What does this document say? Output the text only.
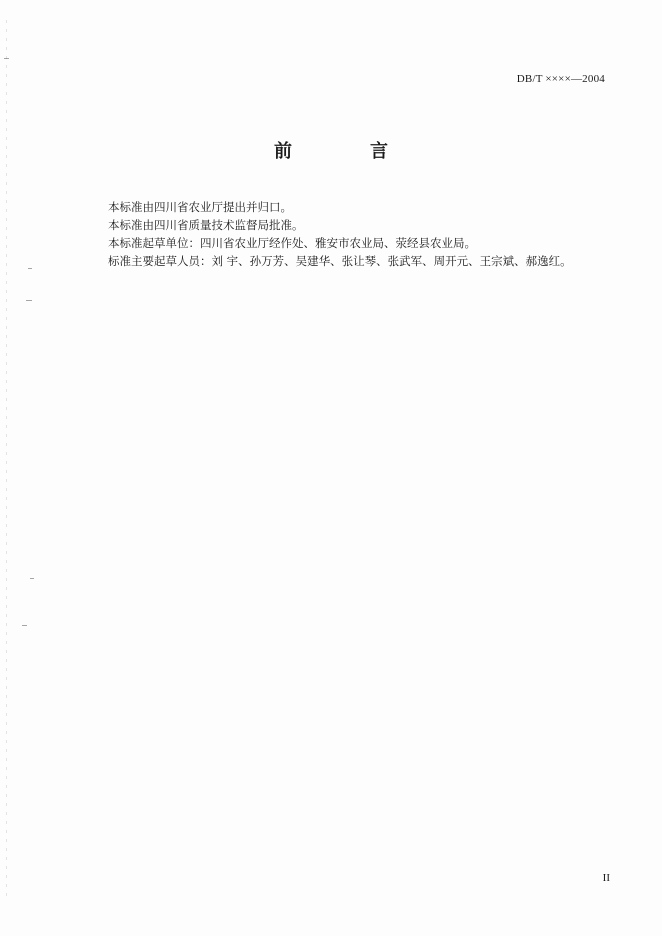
DB/T ××××—2004
前　言
本标准由四川省农业厅提出并归口。
本标准由四川省质量技术监督局批准。
本标准起草单位：四川省农业厅经作处、雅安市农业局、荥经县农业局。
标准主要起草人员：刘 宇、孙万芳、吴建华、张让琴、张武军、周开元、王宗斌、郝逸红。
II
